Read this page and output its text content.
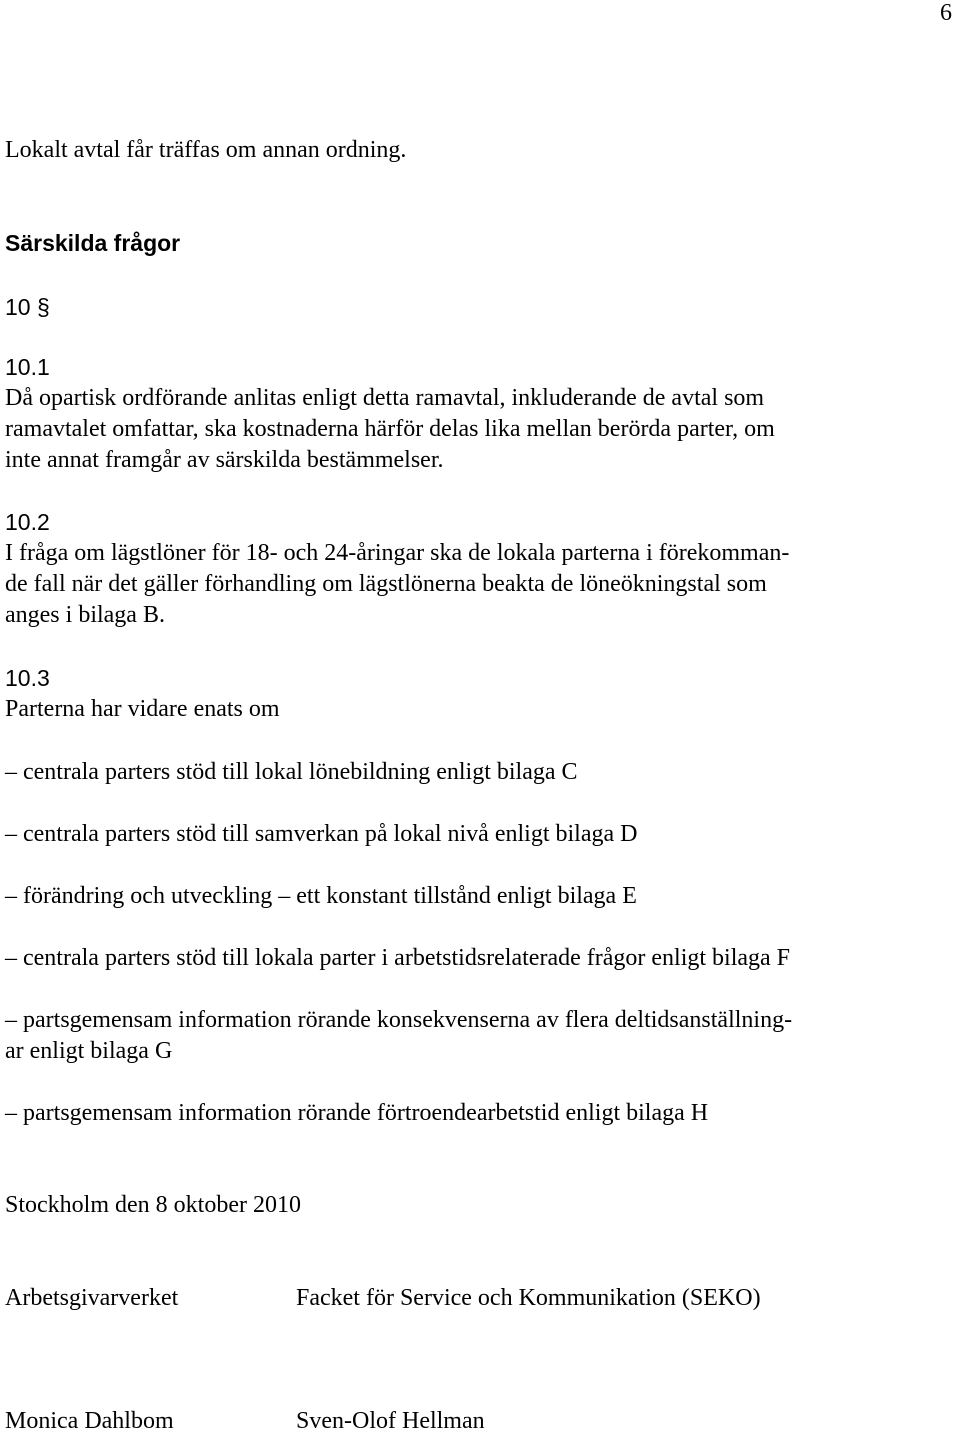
6

Lokalt avtal får träffas om annan ordning.

Särskilda frågor

10 §

10.1
Då opartisk ordförande anlitas enligt detta ramavtal, inkluderande de avtal som
ramavtalet omfattar, ska kostnaderna härför delas lika mellan berörda parter, om
inte annat framgår av särskilda bestämmelser.
10.2
I fråga om lägstlöner för 18- och 24-åringar ska de lokala parterna i förekomman-
de fall när det gäller förhandling om lägstlönerna beakta de löneökningstal som
anges i bilaga B.
10.3
Parterna har vidare enats om

– centrala parters stöd till lokal lönebildning enligt bilaga C

– centrala parters stöd till samverkan på lokal nivå enligt bilaga D

– förändring och utveckling – ett konstant tillstånd enligt bilaga E

– centrala parters stöd till lokala parter i arbetstidsrelaterade frågor enligt bilaga F

– partsgemensam information rörande konsekvenserna av flera deltidsanställning-
ar enligt bilaga G

– partsgemensam information rörande förtroendearbetstid enligt bilaga H

Stockholm den 8 oktober 2010

Arbetsgivarverket	Facket för Service och Kommunikation (SEKO)

Monica Dahlbom	Sven-Olof Hellman
